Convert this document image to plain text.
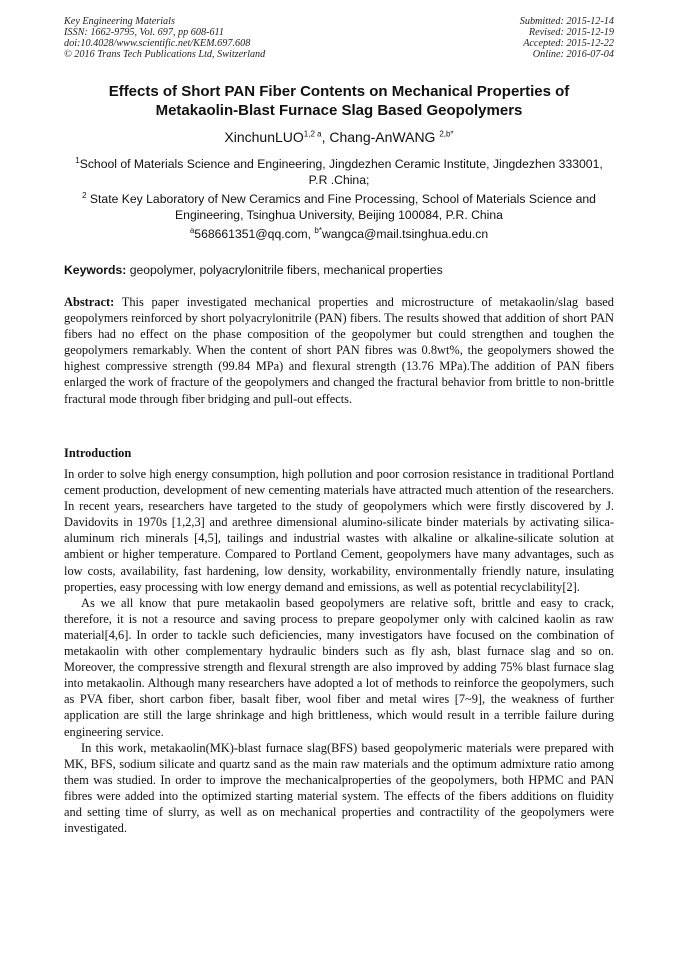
Key Engineering Materials
ISSN: 1662-9795, Vol. 697, pp 608-611
doi:10.4028/www.scientific.net/KEM.697.608
© 2016 Trans Tech Publications Ltd, Switzerland
Submitted: 2015-12-14
Revised: 2015-12-19
Accepted: 2015-12-22
Online: 2016-07-04
Effects of Short PAN Fiber Contents on Mechanical Properties of
Metakaolin-Blast Furnace Slag Based Geopolymers
XinchunLUO$^{1,2 a}$, Chang-AnWANG $^{2,b*}$
$^1$School of Materials Science and Engineering, Jingdezhen Ceramic Institute, Jingdezhen 333001,
P.R .China;
$^2$ State Key Laboratory of New Ceramics and Fine Processing, School of Materials Science and
Engineering, Tsinghua University, Beijing 100084, P.R. China
$^a$568661351@qq.com, $^{b*}$wangca@mail.tsinghua.edu.cn
Keywords: geopolymer, polyacrylonitrile fibers, mechanical properties

Abstract: This paper investigated mechanical properties and microstructure of metakaolin/slag based geopolymers reinforced by short polyacrylonitrile (PAN) fibers. The results showed that addition of short PAN fibers had no effect on the phase composition of the geopolymer but could strengthen and toughen the geopolymers remarkably. When the content of short PAN fibres was 0.8wt%, the geopolymers showed the highest compressive strength (99.84 MPa) and flexural strength (13.76 MPa).The addition of PAN fibers enlarged the work of fracture of the geopolymers and changed the fractural behavior from brittle to non-brittle fractural mode through fiber bridging and pull-out effects.

Introduction

In order to solve high energy consumption, high pollution and poor corrosion resistance in traditional Portland cement production, development of new cementing materials have attracted much attention of the researchers. In recent years, researchers have targeted to the study of geopolymers which were firstly discovered by J. Davidovits in 1970s [1,2,3] and arethree dimensional alumino-silicate binder materials by activating silica-aluminum rich minerals [4,5], tailings and industrial wastes with alkaline or alkaline-silicate solution at ambient or higher temperature. Compared to Portland Cement, geopolymers have many advantages, such as low costs, availability, fast hardening, low density, workability, environmentally friendly nature, insulating properties, easy processing with low energy demand and emissions, as well as potential recyclability[2].

As we all know that pure metakaolin based geopolymers are relative soft, brittle and easy to crack, therefore, it is not a resource and saving process to prepare geopolymer only with calcined kaolin as raw material[4,6]. In order to tackle such deficiencies, many investigators have focused on the combination of metakaolin with other complementary hydraulic binders such as fly ash, blast furnace slag and so on. Moreover, the compressive strength and flexural strength are also improved by adding 75% blast furnace slag into metakaolin. Although many researchers have adopted a lot of methods to reinforce the geopolymers, such as PVA fiber, short carbon fiber, basalt fiber, wool fiber and metal wires [7~9], the weakness of further application are still the large shrinkage and high brittleness, which would result in a terrible failure during engineering service.

In this work, metakaolin(MK)-blast furnace slag(BFS) based geopolymeric materials were prepared with MK, BFS, sodium silicate and quartz sand as the main raw materials and the optimum admixture ratio among them was studied. In order to improve the mechanicalproperties of the geopolymers, both HPMC and PAN fibres were added into the optimized starting material system. The effects of the fibers additions on fluidity and setting time of slurry, as well as on mechanical properties and contractility of the geopolymers were investigated.
